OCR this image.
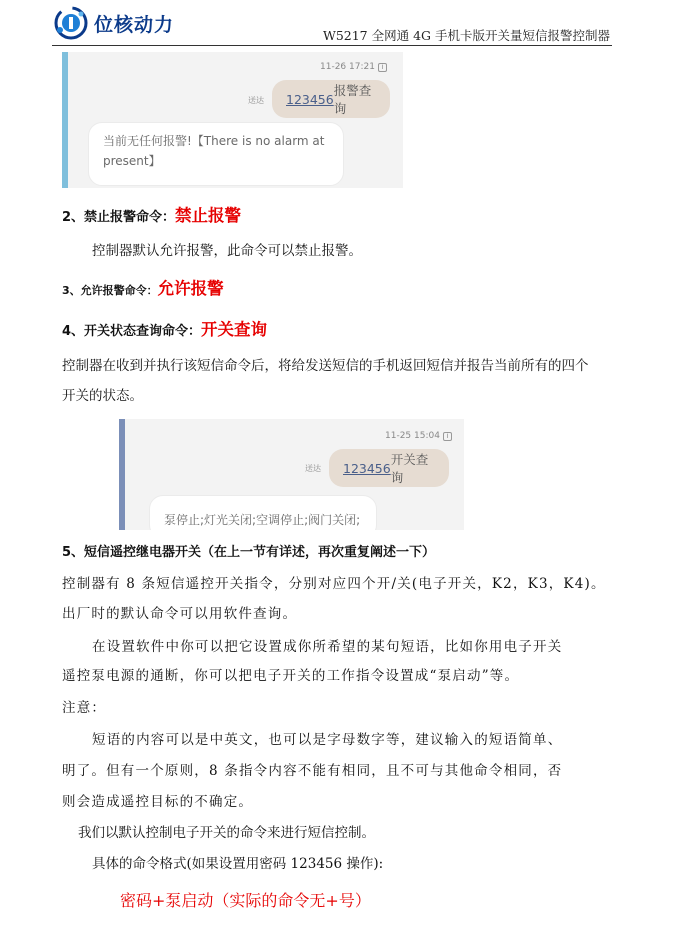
位核动力	W5217 全网通 4G 手机卡版开关量短信报警控制器
11-26 17:21 i
送达 123456
报警查询
当前无任何报警!【There is no alarm at
present】
2、禁止报警命令：禁止报警
控制器默认允许报警，此命令可以禁止报警。
3、允许报警命令：允许报警
4、开关状态查询命令：开关查询
控制器在收到并执行该短信命令后，将给发送短信的手机返回短信并报告当前所有的四个
开关的状态。
11-25 15:04 i
送达 123456
开关查询
泵停止;灯光关闭;空调停止;阀门关闭;
5、短信遥控继电器开关（在上一节有详述，再次重复阐述一下）
控制器有 8 条短信遥控开关指令，分别对应四个开/关(电子开关，K2，K3，K4)。
出厂时的默认命令可以用软件查询。
在设置软件中你可以把它设置成你所希望的某句短语，比如你用电子开关
遥控泵电源的通断，你可以把电子开关的工作指令设置成“泵启动”等。
注意：
短语的内容可以是中英文，也可以是字母数字等，建议输入的短语简单、
明了。但有一个原则，8 条指令内容不能有相同，且不可与其他命令相同，否
则会造成遥控目标的不确定。
我们以默认控制电子开关的命令来进行短信控制。
具体的命令格式(如果设置用密码 123456 操作):
密码+泵启动（实际的命令无+号）
